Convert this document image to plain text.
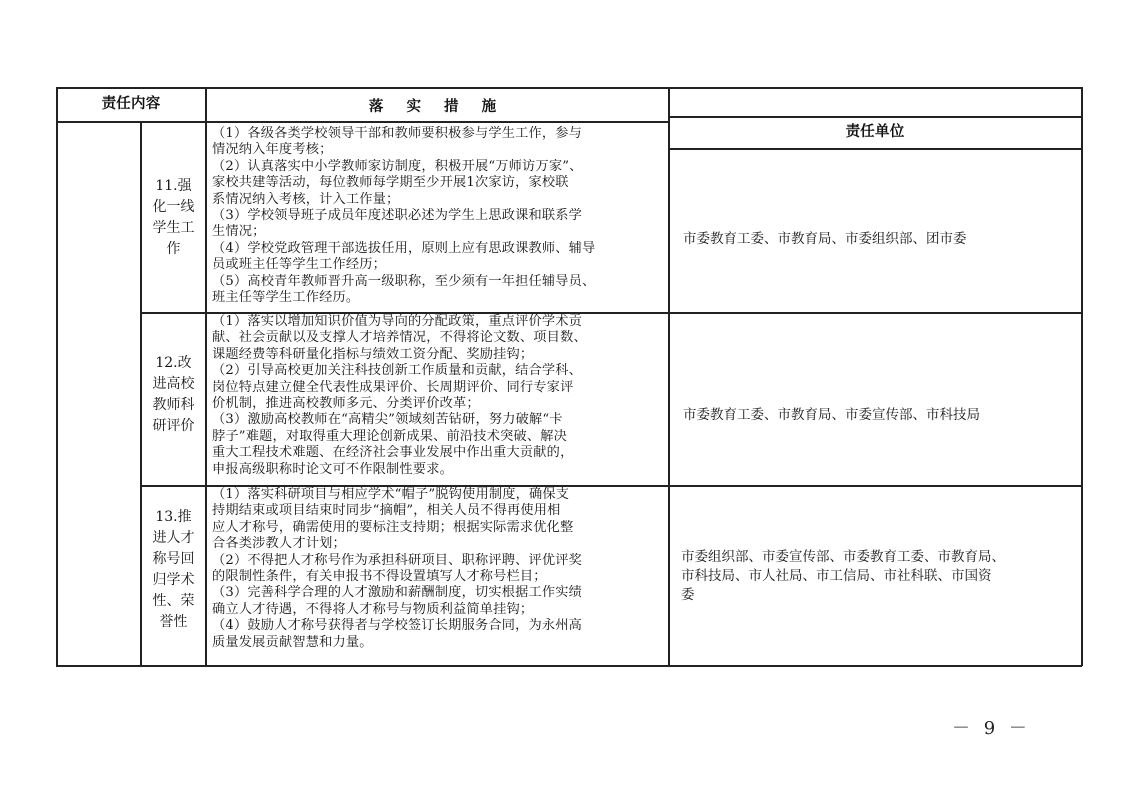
责任内容	落 实 措 施
责任单位
11.强
化一线
学生工
作
（1）各级各类学校领导干部和教师要积极参与学生工作，参与
情况纳入年度考核；
（2）认真落实中小学教师家访制度，积极开展“万师访万家”、
家校共建等活动，每位教师每学期至少开展1次家访，家校联
系情况纳入考核，计入工作量；
（3）学校领导班子成员年度述职必述为学生上思政课和联系学
生情况；
（4）学校党政管理干部选拔任用，原则上应有思政课教师、辅导
员或班主任等学生工作经历；
（5）高校青年教师晋升高一级职称，至少须有一年担任辅导员、
班主任等学生工作经历。
市委教育工委、市教育局、市委组织部、团市委
12.改
进高校
教师科
研评价
（1）落实以增加知识价值为导向的分配政策，重点评价学术贡
献、社会贡献以及支撑人才培养情况，不得将论文数、项目数、
课题经费等科研量化指标与绩效工资分配、奖励挂钩；
（2）引导高校更加关注科技创新工作质量和贡献，结合学科、
岗位特点建立健全代表性成果评价、长周期评价、同行专家评
价机制，推进高校教师多元、分类评价改革；
（3）激励高校教师在“高精尖”领域刻苦钻研，努力破解“卡
脖子”难题，对取得重大理论创新成果、前沿技术突破、解决
重大工程技术难题、在经济社会事业发展中作出重大贡献的，
申报高级职称时论文可不作限制性要求。
市委教育工委、市教育局、市委宣传部、市科技局
13.推
进人才
称号回
归学术
性、荣
誉性
（1）落实科研项目与相应学术“帽子”脱钩使用制度，确保支
持期结束或项目结束时同步“摘帽”，相关人员不得再使用相
应人才称号，确需使用的要标注支持期；根据实际需求优化整
合各类涉教人才计划；
（2）不得把人才称号作为承担科研项目、职称评聘、评优评奖
的限制性条件，有关申报书不得设置填写人才称号栏目；
（3）完善科学合理的人才激励和薪酬制度，切实根据工作实绩
确立人才待遇，不得将人才称号与物质利益简单挂钩；
（4）鼓励人才称号获得者与学校签订长期服务合同，为永州高
质量发展贡献智慧和力量。
市委组织部、市委宣传部、市委教育工委、市教育局、
市科技局、市人社局、市工信局、市社科联、市国资
委
－ 9 －
